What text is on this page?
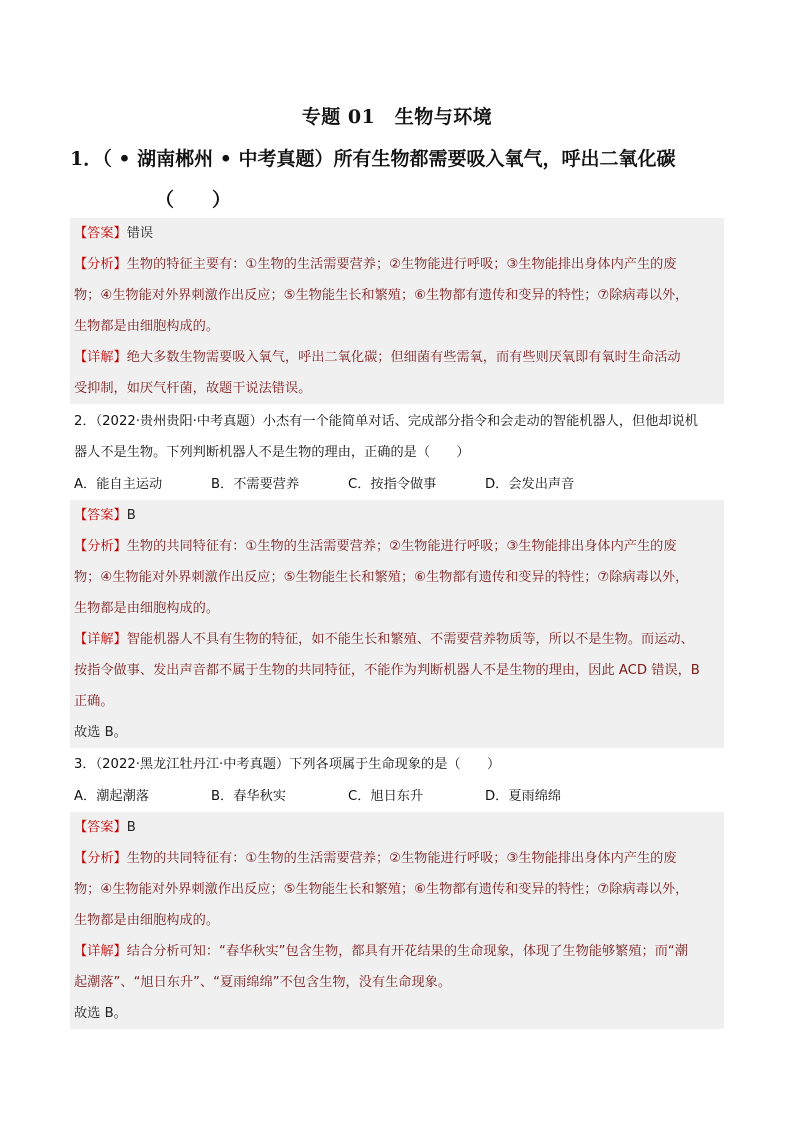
专题 01　生物与环境
1．（ • 湖南郴州 • 中考真题）所有生物都需要吸入氧气，呼出二氧化碳
（　　）
【答案】错误
【分析】生物的特征主要有：①生物的生活需要营养；②生物能进行呼吸；③生物能排出身体内产生的废
物；④生物能对外界刺激作出反应；⑤生物能生长和繁殖；⑥生物都有遗传和变异的特性；⑦除病毒以外，
生物都是由细胞构成的。
【详解】绝大多数生物需要吸入氧气，呼出二氧化碳；但细菌有些需氧，而有些则厌氧即有氧时生命活动
受抑制，如厌气杆菌，故题干说法错误。
2．（2022·贵州贵阳·中考真题）小杰有一个能简单对话、完成部分指令和会走动的智能机器人，但他却说机
器人不是生物。下列判断机器人不是生物的理由，正确的是（　　）
A．能自主运动	B．不需要营养	C．按指令做事	D．会发出声音
【答案】B
【分析】生物的共同特征有：①生物的生活需要营养；②生物能进行呼吸；③生物能排出身体内产生的废
物；④生物能对外界刺激作出反应；⑤生物能生长和繁殖；⑥生物都有遗传和变异的特性；⑦除病毒以外，
生物都是由细胞构成的。
【详解】智能机器人不具有生物的特征，如不能生长和繁殖、不需要营养物质等，所以不是生物。而运动、
按指令做事、发出声音都不属于生物的共同特征，不能作为判断机器人不是生物的理由，因此 ACD 错误，B
正确。
故选 B。
3．（2022·黑龙江牡丹江·中考真题）下列各项属于生命现象的是（　　）
A．潮起潮落	B．春华秋实	C．旭日东升	D．夏雨绵绵
【答案】B
【分析】生物的共同特征有：①生物的生活需要营养；②生物能进行呼吸；③生物能排出身体内产生的废
物；④生物能对外界刺激作出反应；⑤生物能生长和繁殖；⑥生物都有遗传和变异的特性；⑦除病毒以外，
生物都是由细胞构成的。
【详解】结合分析可知：“春华秋实”包含生物，都具有开花结果的生命现象，体现了生物能够繁殖；而“潮
起潮落”、“旭日东升”、“夏雨绵绵”不包含生物，没有生命现象。
故选 B。
